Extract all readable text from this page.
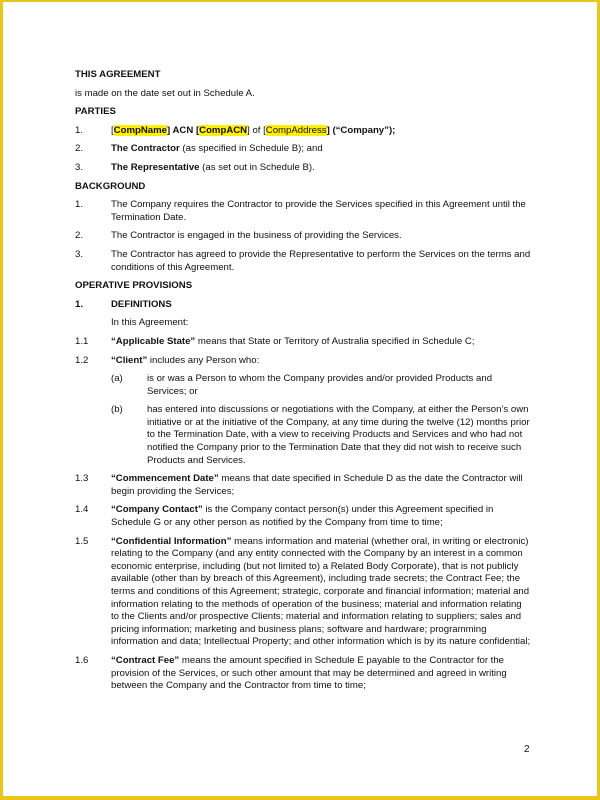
THIS AGREEMENT
is made on the date set out in Schedule A.
PARTIES
1.	[CompName] ACN [CompACN] of [CompAddress] (“Company”);
2.	The Contractor (as specified in Schedule B); and
3.	The Representative (as set out in Schedule B).
BACKGROUND
1.	The Company requires the Contractor to provide the Services specified in this Agreement until the Termination Date.
2.	The Contractor is engaged in the business of providing the Services.
3.	The Contractor has agreed to provide the Representative to perform the Services on the terms and conditions of this Agreement.
OPERATIVE PROVISIONS
1.	DEFINITIONS
In this Agreement:
1.1	“Applicable State” means that State or Territory of Australia specified in Schedule C;
1.2	“Client” includes any Person who:
(a)	is or was a Person to whom the Company provides and/or provided Products and Services; or
(b)	has entered into discussions or negotiations with the Company, at either the Person’s own initiative or at the initiative of the Company, at any time during the twelve (12) months prior to the Termination Date, with a view to receiving Products and Services and who had not notified the Company prior to the Termination Date that they did not wish to receive such Products and Services.
1.3	“Commencement Date” means that date specified in Schedule D as the date the Contractor will begin providing the Services;
1.4	“Company Contact” is the Company contact person(s) under this Agreement specified in Schedule G or any other person as notified by the Company from time to time;
1.5	“Confidential Information” means information and material (whether oral, in writing or electronic) relating to the Company (and any entity connected with the Company by an interest in a common economic enterprise, including (but not limited to) a Related Body Corporate), that is not publicly available (other than by breach of this Agreement), including trade secrets; the Contract Fee; the terms and conditions of this Agreement; strategic, corporate and financial information; material and information relating to the methods of operation of the business; material and information relating to the Clients and/or prospective Clients; material and information relating to suppliers; sales and pricing information; marketing and business plans; software and hardware; programming information and data; Intellectual Property; and other information which is by its nature confidential;
1.6	“Contract Fee” means the amount specified in Schedule E payable to the Contractor for the provision of the Services, or such other amount that may be determined and agreed in writing between the Company and the Contractor from time to time;
2
